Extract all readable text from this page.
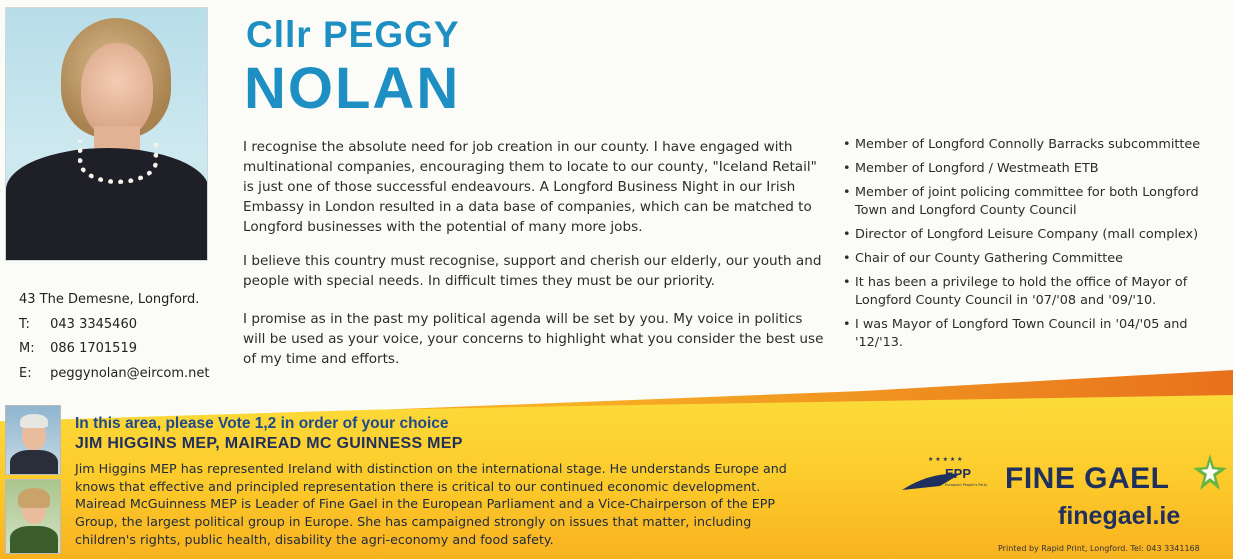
Cllr PEGGY
NOLAN

I recognise the absolute need for job creation in our county. I have engaged with multinational companies, encouraging them to locate to our county, "Iceland Retail" is just one of those successful endeavours. A Longford Business Night in our Irish Embassy in London resulted in a data base of companies, which can be matched to Longford businesses with the potential of many more jobs.

I believe this country must recognise, support and cherish our elderly, our youth and people with special needs. In difficult times they must be our priority.

I promise as in the past my political agenda will be set by you. My voice in politics will be used as your voice, your concerns to highlight what you consider the best use of my time and efforts.

• Member of Longford Connolly Barracks subcommittee
• Member of Longford / Westmeath ETB
• Member of joint policing committee for both Longford Town and Longford County Council
• Director of Longford Leisure Company (mall complex)
• Chair of our County Gathering Committee
• It has been a privilege to hold the office of Mayor of Longford County Council in '07/'08 and '09/'10.
• I was Mayor of Longford Town Council in '04/'05 and '12/'13.
43 The Demesne, Longford.
T: 043 3345460
M: 086 1701519
E: peggynolan@eircom.net
In this area, please Vote 1,2 in order of your choice
JIM HIGGINS MEP, MAIREAD MC GUINNESS MEP

Jim Higgins MEP has represented Ireland with distinction on the international stage. He understands Europe and knows that effective and principled representation there is critical to our continued economic development. Mairead McGuinness MEP is Leader of Fine Gael in the European Parliament and a Vice-Chairperson of the EPP Group, the largest political group in Europe. She has campaigned strongly on issues that matter, including children's rights, public health, disability the agri-economy and food safety.

★ ★ ★ ★ ★
EPP
European People's Party FINE GAEL
finegael.ie
Printed by Rapid Print, Longford. Tel: 043 3341168
